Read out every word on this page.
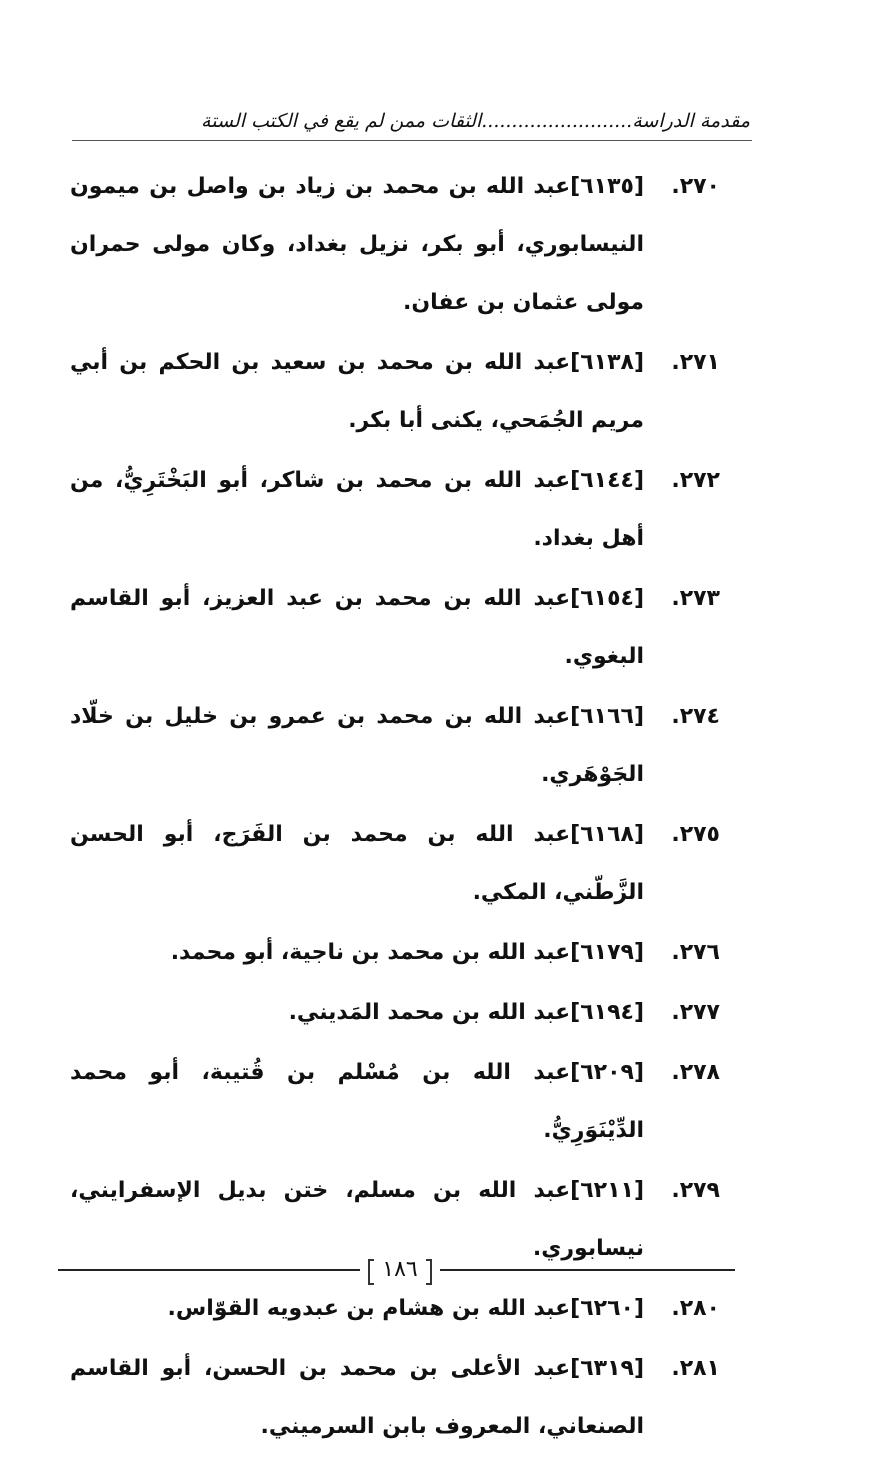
مقدمة الدراسة.........................الثقات ممن لم يقع في الكتب الستة
٢٧٠.
[٦١٣٥]عبد الله بن محمد بن زياد بن واصل بن ميمون النيسابوري، أبو بكر، نزيل بغداد، وكان مولى حمران مولى عثمان بن عفان.
٢٧١.
[٦١٣٨]عبد الله بن محمد بن سعيد بن الحكم بن أبي مريم الجُمَحي، يكنى أبا بكر.
٢٧٢.
[٦١٤٤]عبد الله بن محمد بن شاكر، أبو البَخْتَرِيُّ، من أهل بغداد.
٢٧٣.
[٦١٥٤]عبد الله بن محمد بن عبد العزيز، أبو القاسم البغوي.
٢٧٤.
[٦١٦٦]عبد الله بن محمد بن عمرو بن خليل بن خلّاد الجَوْهَري.
٢٧٥.
[٦١٦٨]عبد الله بن محمد بن الفَرَج، أبو الحسن الزَّطّني، المكي.
٢٧٦.
[٦١٧٩]عبد الله بن محمد بن ناجية، أبو محمد.
٢٧٧.
[٦١٩٤]عبد الله بن محمد المَديني.
٢٧٨.
[٦٢٠٩]عبد الله بن مُسْلم بن قُتيبة، أبو محمد الدِّيْنَوَرِيُّ.
٢٧٩.
[٦٢١١]عبد الله بن مسلم، ختن بديل الإسفرايني، نيسابوري.
٢٨٠.
[٦٢٦٠]عبد الله بن هشام بن عبدويه القوّاس.
٢٨١.
[٦٣١٩]عبد الأعلى بن محمد بن الحسن، أبو القاسم الصنعاني، المعروف بابن السرميني.
١٨٦
